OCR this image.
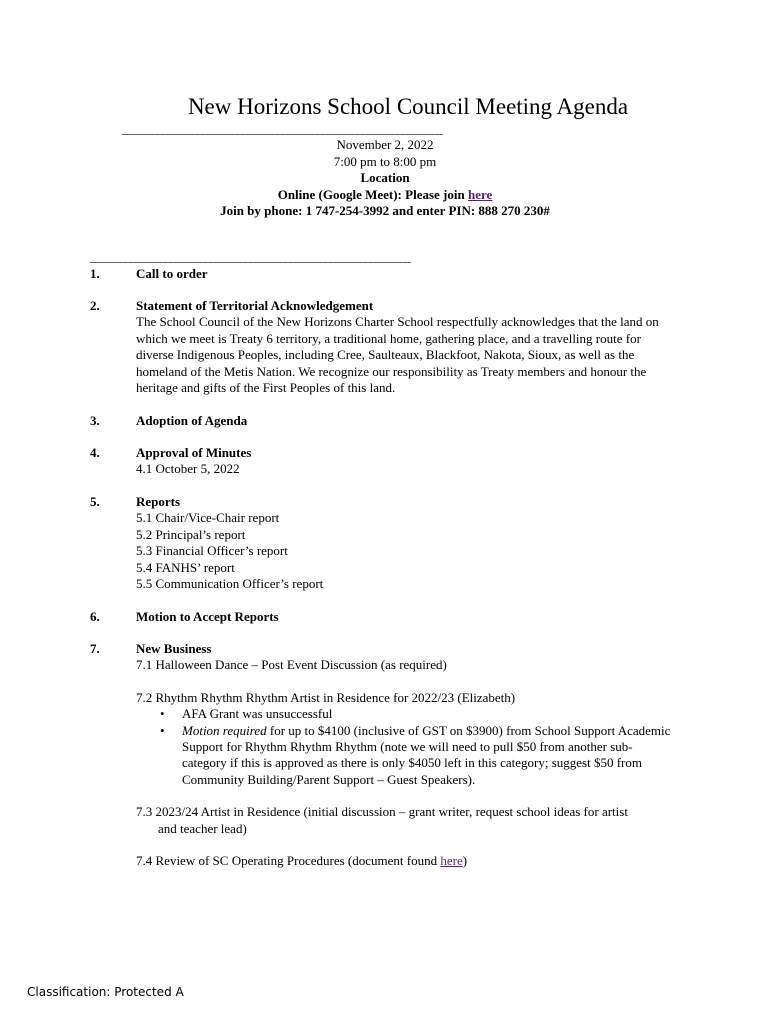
New Horizons School Council Meeting Agenda
________________________________________________________________
November 2, 2022
7:00 pm to 8:00 pm
Location
Online (Google Meet): Please join here
Join by phone: 1 747-254-3992 and enter PIN: 888 270 230#
________________________________________________________________
1.	Call to order
2.	Statement of Territorial Acknowledgement
The School Council of the New Horizons Charter School respectfully acknowledges that the land on which we meet is Treaty 6 territory, a traditional home, gathering place, and a travelling route for diverse Indigenous Peoples, including Cree, Saulteaux, Blackfoot, Nakota, Sioux, as well as the homeland of the Metis Nation. We recognize our responsibility as Treaty members and honour the heritage and gifts of the First Peoples of this land.
3.	Adoption of Agenda
4.	Approval of Minutes
4.1 October 5, 2022
5.	Reports
5.1 Chair/Vice-Chair report
5.2 Principal’s report
5.3 Financial Officer’s report
5.4 FANHS’ report
5.5 Communication Officer’s report
6.	Motion to Accept Reports
7.	New Business
7.1 Halloween Dance – Post Event Discussion (as required)
7.2 Rhythm Rhythm Rhythm Artist in Residence for 2022/23 (Elizabeth)
• AFA Grant was unsuccessful
• Motion required for up to $4100 (inclusive of GST on $3900) from School Support Academic Support for Rhythm Rhythm Rhythm (note we will need to pull $50 from another sub-category if this is approved as there is only $4050 left in this category; suggest $50 from Community Building/Parent Support – Guest Speakers).
7.3 2023/24 Artist in Residence (initial discussion – grant writer, request school ideas for artist
and teacher lead)
7.4 Review of SC Operating Procedures (document found here)
Classification: Protected A
